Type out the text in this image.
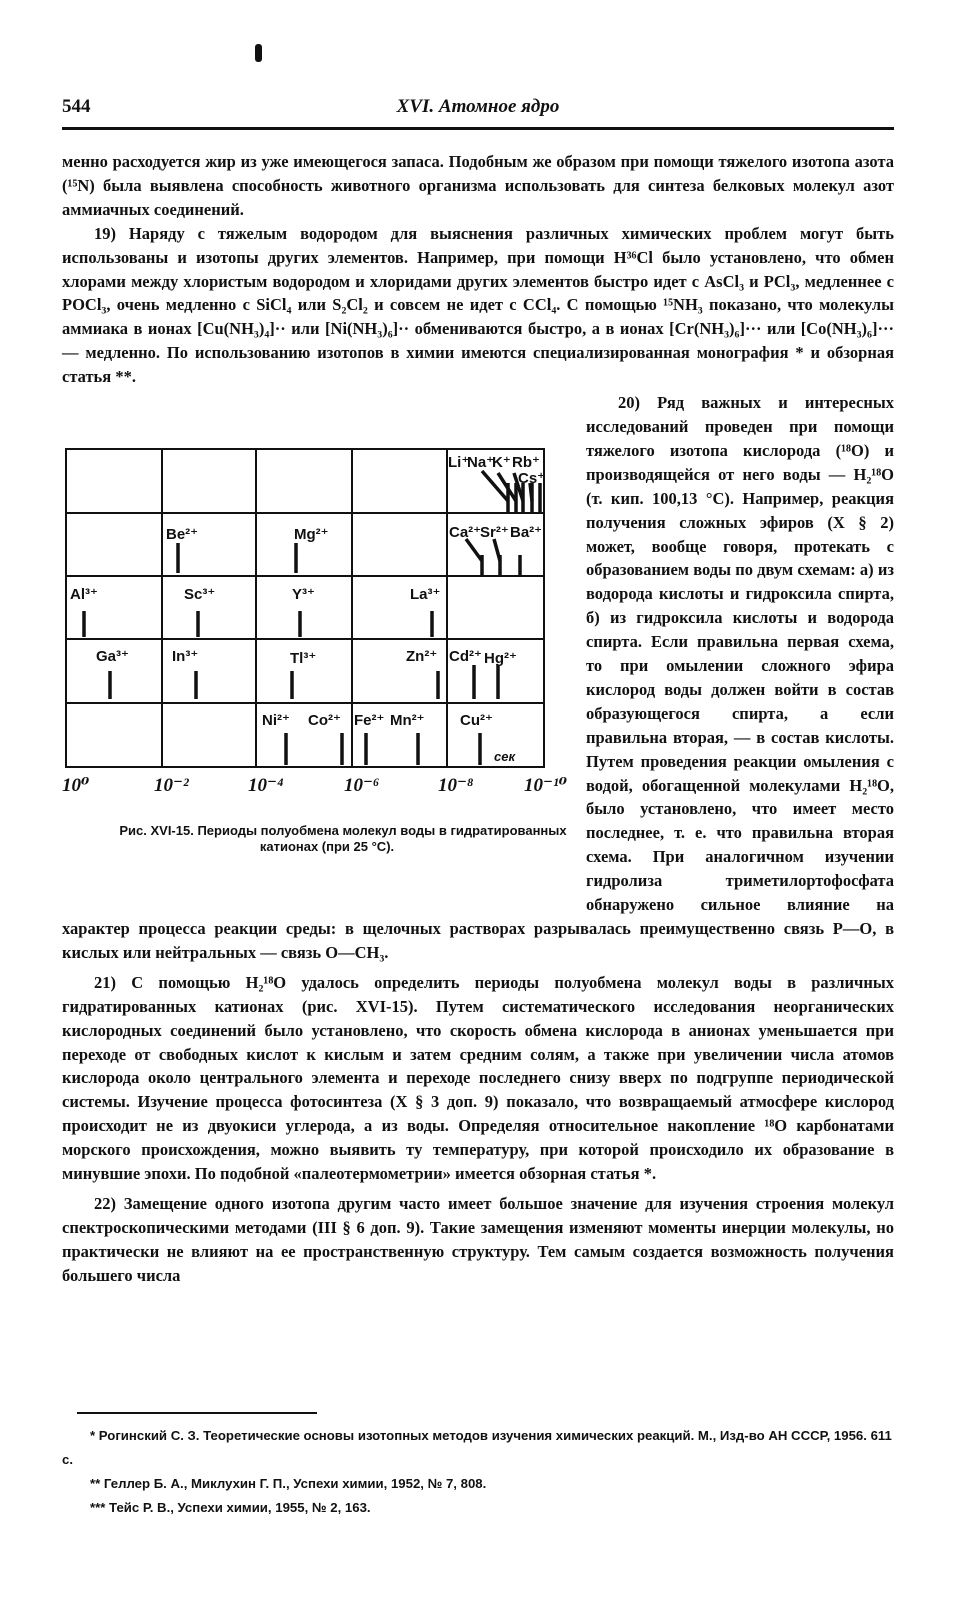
544	XVI. Атомное ядро

менно расходуется жир из уже имеющегося запаса. Подобным же образом при помощи тяжелого изотопа азота (¹⁵N) была выявлена способность животного организма использовать для синтеза белковых молекул азот аммиачных соединений.

19) Наряду с тяжелым водородом для выяснения различных химических проблем могут быть использованы и изотопы других элементов. Например, при помощи H³⁶Cl было установлено, что обмен хлорами между хлористым водородом и хлоридами других элементов быстро идет с AsCl₃ и PCl₃, медленнее с POCl₃, очень медленно с SiCl₄ или S₂Cl₂ и совсем не идет с CCl₄. С помощью ¹⁵NH₃ показано, что молекулы аммиака в ионах [Cu(NH₃)₄]·· или [Ni(NH₃)₆]·· обмениваются быстро, а в ионах [Cr(NH₃)₆]··· или [Co(NH₃)₆]··· — медленно. По использованию изотопов в химии имеются специализированная монография * и обзорная статья **.

Li⁺
Na⁺
K⁺ Rb⁺
Cs⁺
Be²⁺	Mg²⁺	Ca²⁺
Sr²⁺ Ba²⁺
Al³⁺	Sc³⁺	Y³⁺	La³⁺
Ga³⁺	In³⁺	Tl³⁺	Zn²⁺ Cd²⁺ Hg²⁺
Ni²⁺ Co²⁺ Fe²⁺ Mn²⁺ Cu²⁺
сек
10⁰	10⁻²	10⁻⁴	10⁻⁶	10⁻⁸	10⁻¹⁰
Рис. XVI-15. Периоды полуобмена молекул воды в гидратированных катионах (при 25 °C).
20) Ряд важных и интересных исследований проведен при помощи тяжелого изотопа кислорода (¹⁸O) и производящейся от него воды — H₂¹⁸O (т. кип. 100,13 °C). Например, реакция получения сложных эфиров (X § 2) может, вообще говоря, протекать с образованием воды по двум схемам: а) из водорода кислоты и гидроксила спирта, б) из гидроксила кислоты и водорода спирта. Если правильна первая схема, то при омылении сложного эфира кислород воды должен войти в состав образующегося спирта, а если правильна вторая, — в состав кислоты. Путем проведения реакции омыления с водой, обогащенной молекулами H₂¹⁸O, было установлено, что имеет место последнее, т. е. что правильна вторая схема. При аналогичном изучении гидролиза триметилортофосфата обнаружено сильное влияние на характер процесса реакции среды: в щелочных растворах разрывалась преимущественно связь P—O, в кислых или нейтральных — связь O—CH₃.

21) С помощью H₂¹⁸O удалось определить периоды полуобмена молекул воды в различных гидратированных катионах (рис. XVI-15). Путем систематического исследования неорганических кислородных соединений было установлено, что скорость обмена кислорода в анионах уменьшается при переходе от свободных кислот к кислым и затем средним солям, а также при увеличении числа атомов кислорода около центрального элемента и переходе последнего снизу вверх по подгруппе периодической системы. Изучение процесса фотосинтеза (X § 3 доп. 9) показало, что возвращаемый атмосфере кислород происходит не из двуокиси углерода, а из воды. Определяя относительное накопление ¹⁸O карбонатами морского происхождения, можно выявить ту температуру, при которой происходило их образование в минувшие эпохи. По подобной «палеотермометрии» имеется обзорная статья *.

22) Замещение одного изотопа другим часто имеет большое значение для изучения строения молекул спектроскопическими методами (III § 6 доп. 9). Такие замещения изменяют моменты инерции молекулы, но практически не влияют на ее пространственную структуру. Тем самым создается возможность получения большего числа

* Рогинский С. З. Теоретические основы изотопных методов изучения химических реакций. М., Изд-во АН СССР, 1956. 611 с.

** Геллер Б. А., Миклухин Г. П., Успехи химии, 1952, № 7, 808.

*** Тейс Р. В., Успехи химии, 1955, № 2, 163.
